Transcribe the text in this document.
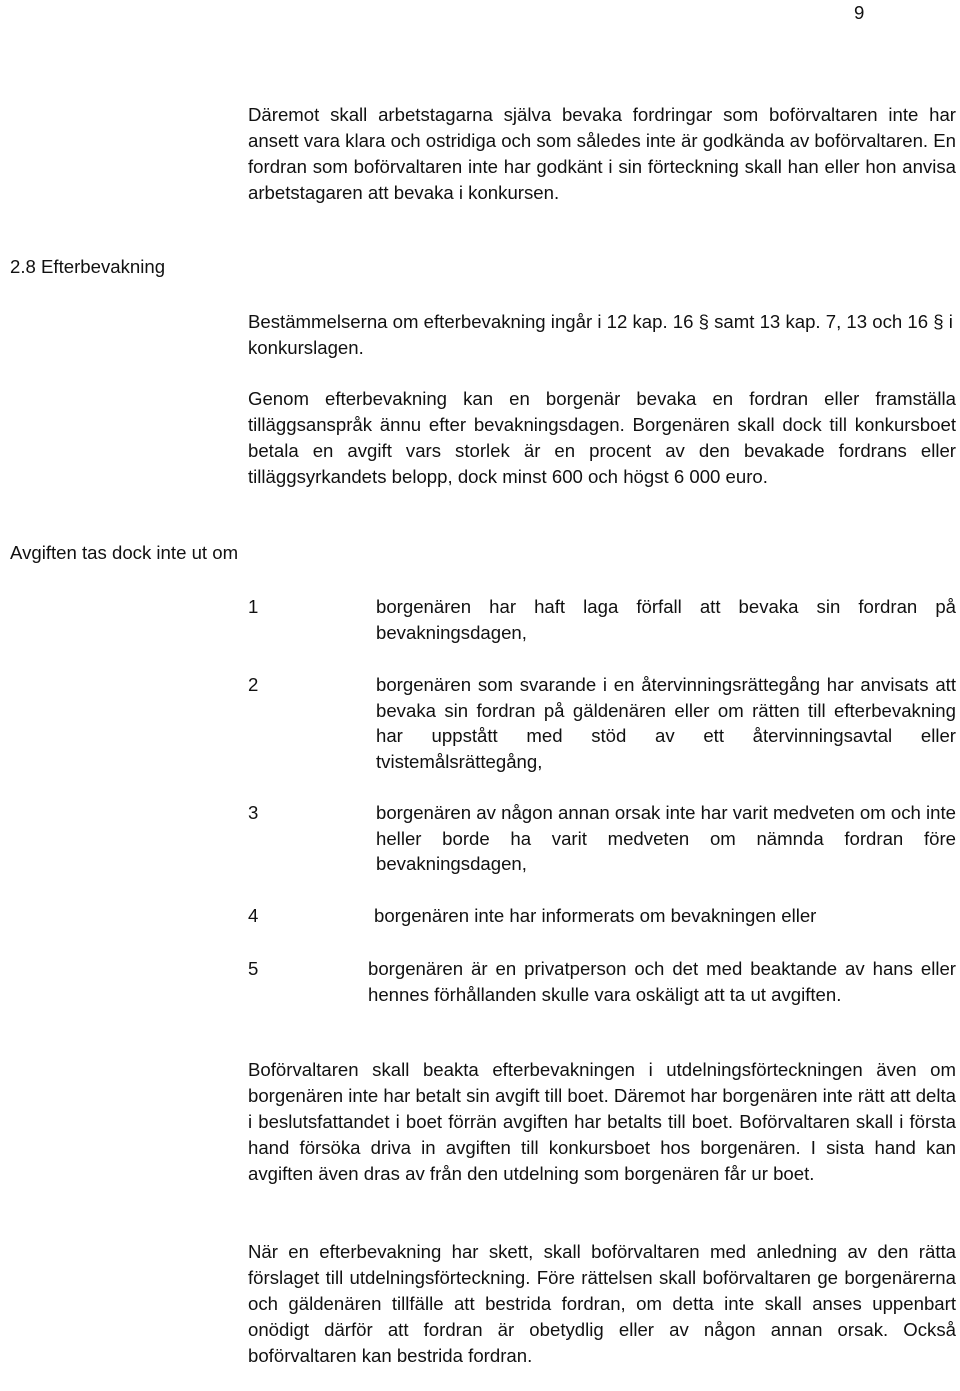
9
2.8 Efterbevakning
Avgiften tas dock inte ut om

Däremot skall arbetstagarna själva bevaka fordringar som boförvaltaren inte har ansett vara klara och ostridiga och som således inte är godkända av boförvaltaren. En fordran som boförvaltaren inte har godkänt i sin förteckning skall han eller hon anvisa arbetstagaren att bevaka i konkursen.

Bestämmelserna om efterbevakning ingår i 12 kap. 16 § samt 13 kap. 7, 13 och 16 § i konkurslagen.

Genom efterbevakning kan en borgenär bevaka en fordran eller framställa tilläggsanspråk ännu efter bevakningsdagen. Borgenären skall dock till konkursboet betala en avgift vars storlek är en procent av den bevakade fordrans eller tilläggsyrkandets belopp, dock minst 600 och högst 6 000 euro.

1	borgenären har haft laga förfall att bevaka sin fordran på bevakningsdagen,
2	borgenären som svarande i en återvinningsrättegång har anvisats att bevaka sin fordran på gäldenären eller om rätten till efterbevakning har uppstått med stöd av ett återvinningsavtal eller tvistemålsrättegång,
3	borgenären av någon annan orsak inte har varit medveten om och inte heller borde ha varit medveten om nämnda fordran före bevakningsdagen,
4	borgenären inte har informerats om bevakningen eller
5	borgenären är en privatperson och det med beaktande av hans eller hennes förhållanden skulle vara oskäligt att ta ut avgiften.

Boförvaltaren skall beakta efterbevakningen i utdelningsförteckningen även om borgenären inte har betalt sin avgift till boet. Däremot har borgenären inte rätt att delta i beslutsfattandet i boet förrän avgiften har betalts till boet. Boförvaltaren skall i första hand försöka driva in avgiften till konkursboet hos borgenären. I sista hand kan avgiften även dras av från den utdelning som borgenären får ur boet.

När en efterbevakning har skett, skall boförvaltaren med anledning av den rätta förslaget till utdelningsförteckning. Före rättelsen skall boförvaltaren ge borgenärerna och gäldenären tillfälle att bestrida fordran, om detta inte skall anses uppenbart onödigt därför att fordran är obetydlig eller av någon annan orsak. Också boförvaltaren kan bestrida fordran.
